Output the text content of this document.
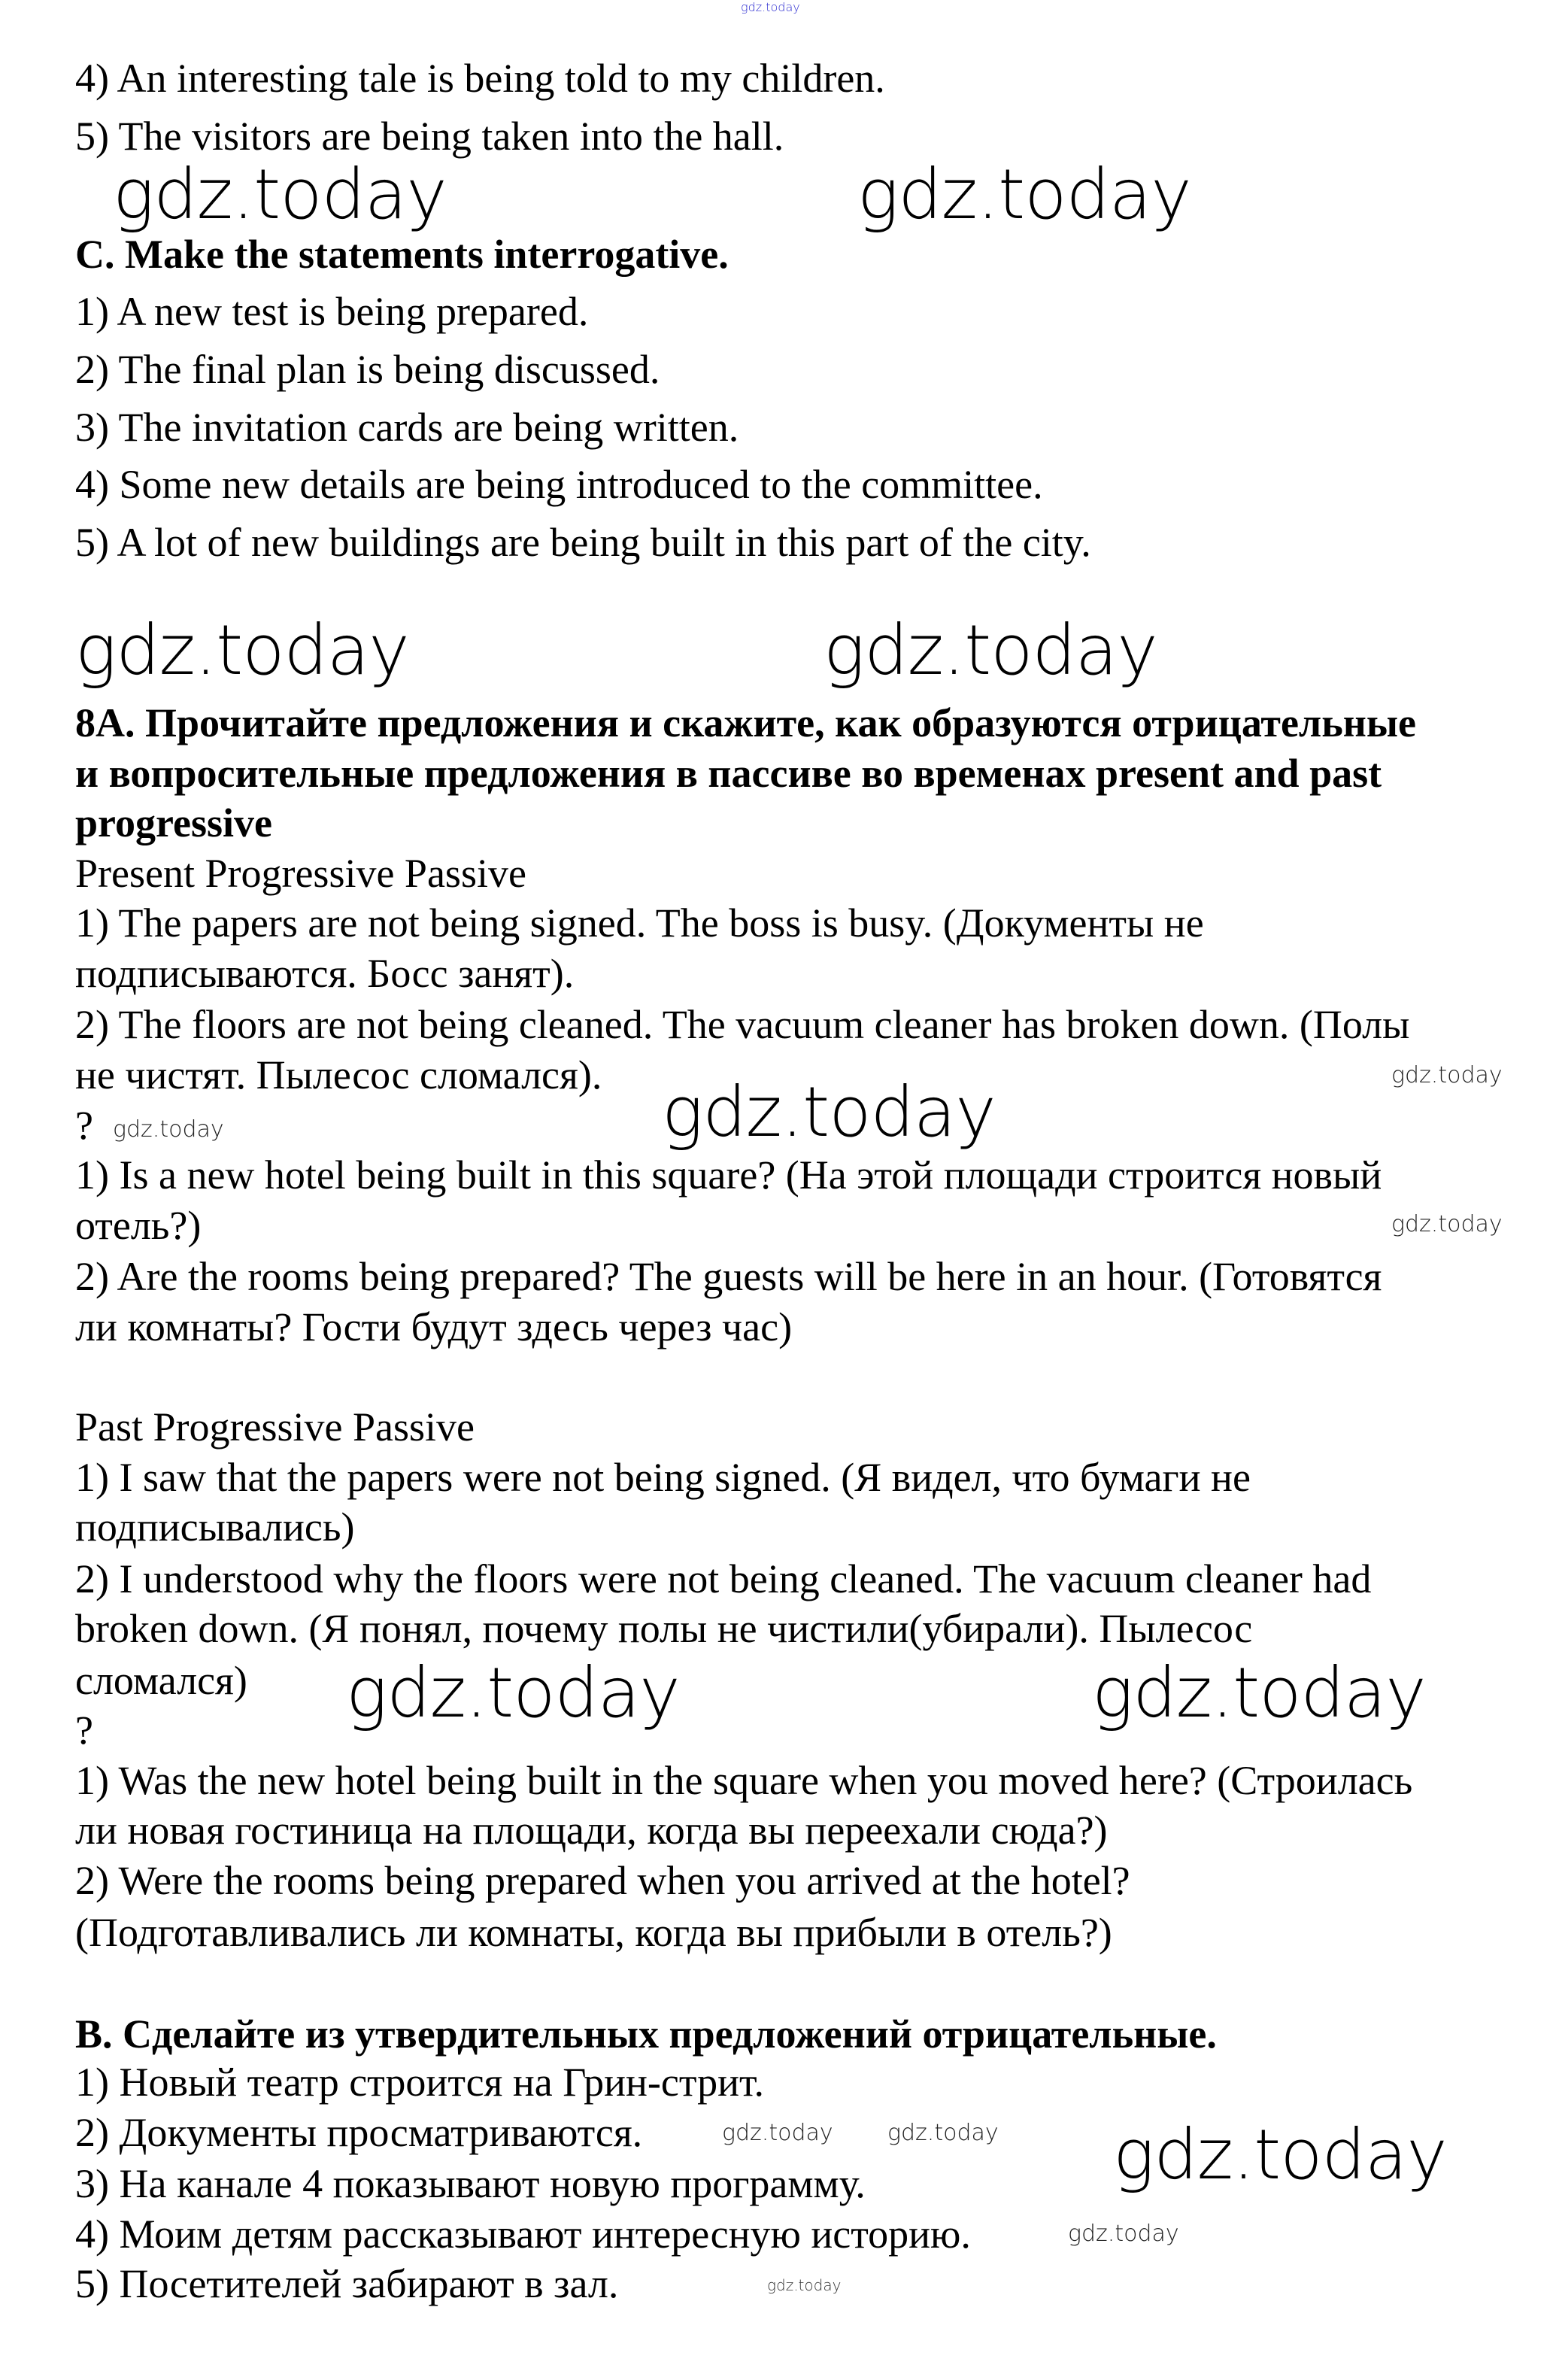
gdz.today
4) An interesting tale is being told to my children.
5) The visitors are being taken into the hall.
gdz.today	gdz.today
C. Make the statements interrogative.
1) A new test is being prepared.
2) The final plan is being discussed.
3) The invitation cards are being written.
4) Some new details are being introduced to the committee.
5) A lot of new buildings are being built in this part of the city.
gdz.today	gdz.today
8A. Прочитайте предложения и скажите, как образуются отрицательные
и вопросительные предложения в пассиве во временах present and past
progressive
Present Progressive Passive
1) The papers are not being signed. The boss is busy. (Документы не
подписываются. Босс занят).
2) The floors are not being cleaned. The vacuum cleaner has broken down. (Полы
не чистят. Пылесос сломался).	gdz.today
gdz.today
? gdz.today
1) Is a new hotel being built in this square? (На этой площади строится новый
отель?)	gdz.today
2) Are the rooms being prepared? The guests will be here in an hour. (Готовятся
ли комнаты? Гости будут здесь через час)
Past Progressive Passive
1) I saw that the papers were not being signed. (Я видел, что бумаги не
подписывались)
2) I understood why the floors were not being cleaned. The vacuum cleaner had
broken down. (Я понял, почему полы не чистили(убирали). Пылесос
сломался) gdz.today	gdz.today
?
1) Was the new hotel being built in the square when you moved here? (Строилась
ли новая гостиница на площади, когда вы переехали сюда?)
2) Were the rooms being prepared when you arrived at the hotel?
(Подготавливались ли комнаты, когда вы прибыли в отель?)
B. Сделайте из утвердительных предложений отрицательные.
1) Новый театр строится на Грин-стрит.
2) Документы просматриваются.	gdz.today gdz.today gdz.today
3) На канале 4 показывают новую программу.
4) Моим детям рассказывают интересную историю.	gdz.today
5) Посетителей забирают в зал.	gdz.today
